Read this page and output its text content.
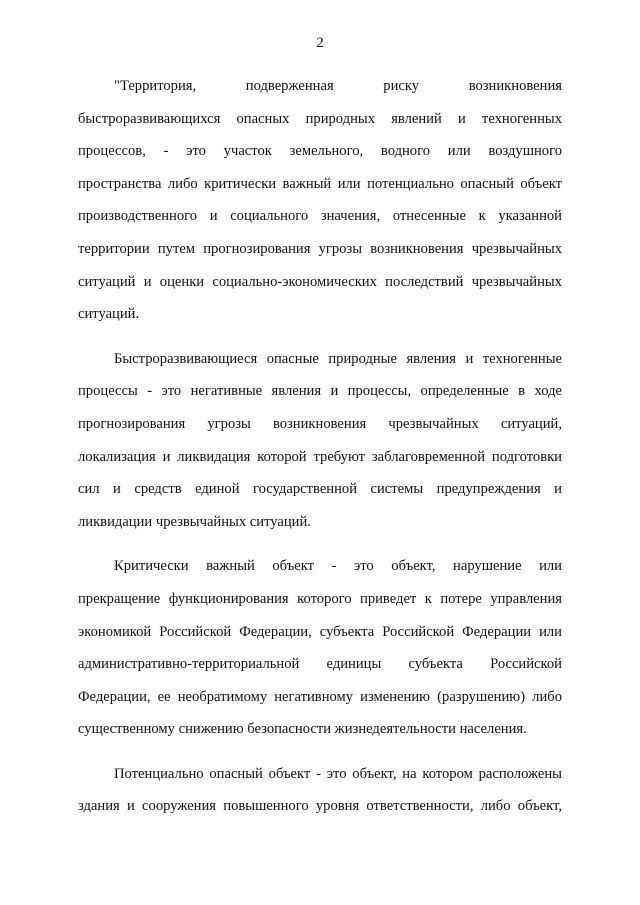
2
"Территория, подверженная риску возникновения
быстроразвивающихся опасных природных явлений и техногенных
процессов, - это участок земельного, водного или воздушного
пространства либо критически важный или потенциально опасный объект
производственного и социального значения, отнесенные к указанной
территории путем прогнозирования угрозы возникновения чрезвычайных
ситуаций и оценки социально-экономических последствий чрезвычайных
ситуаций.
Быстроразвивающиеся опасные природные явления и техногенные
процессы - это негативные явления и процессы, определенные в ходе
прогнозирования угрозы возникновения чрезвычайных ситуаций,
локализация и ликвидация которой требуют заблаговременной подготовки
сил и средств единой государственной системы предупреждения и
ликвидации чрезвычайных ситуаций.
Критически важный объект - это объект, нарушение или
прекращение функционирования которого приведет к потере управления
экономикой Российской Федерации, субъекта Российской Федерации или
административно-территориальной единицы субъекта Российской
Федерации, ее необратимому негативному изменению (разрушению) либо
существенному снижению безопасности жизнедеятельности населения.
Потенциально опасный объект - это объект, на котором расположены
здания и сооружения повышенного уровня ответственности, либо объект,
